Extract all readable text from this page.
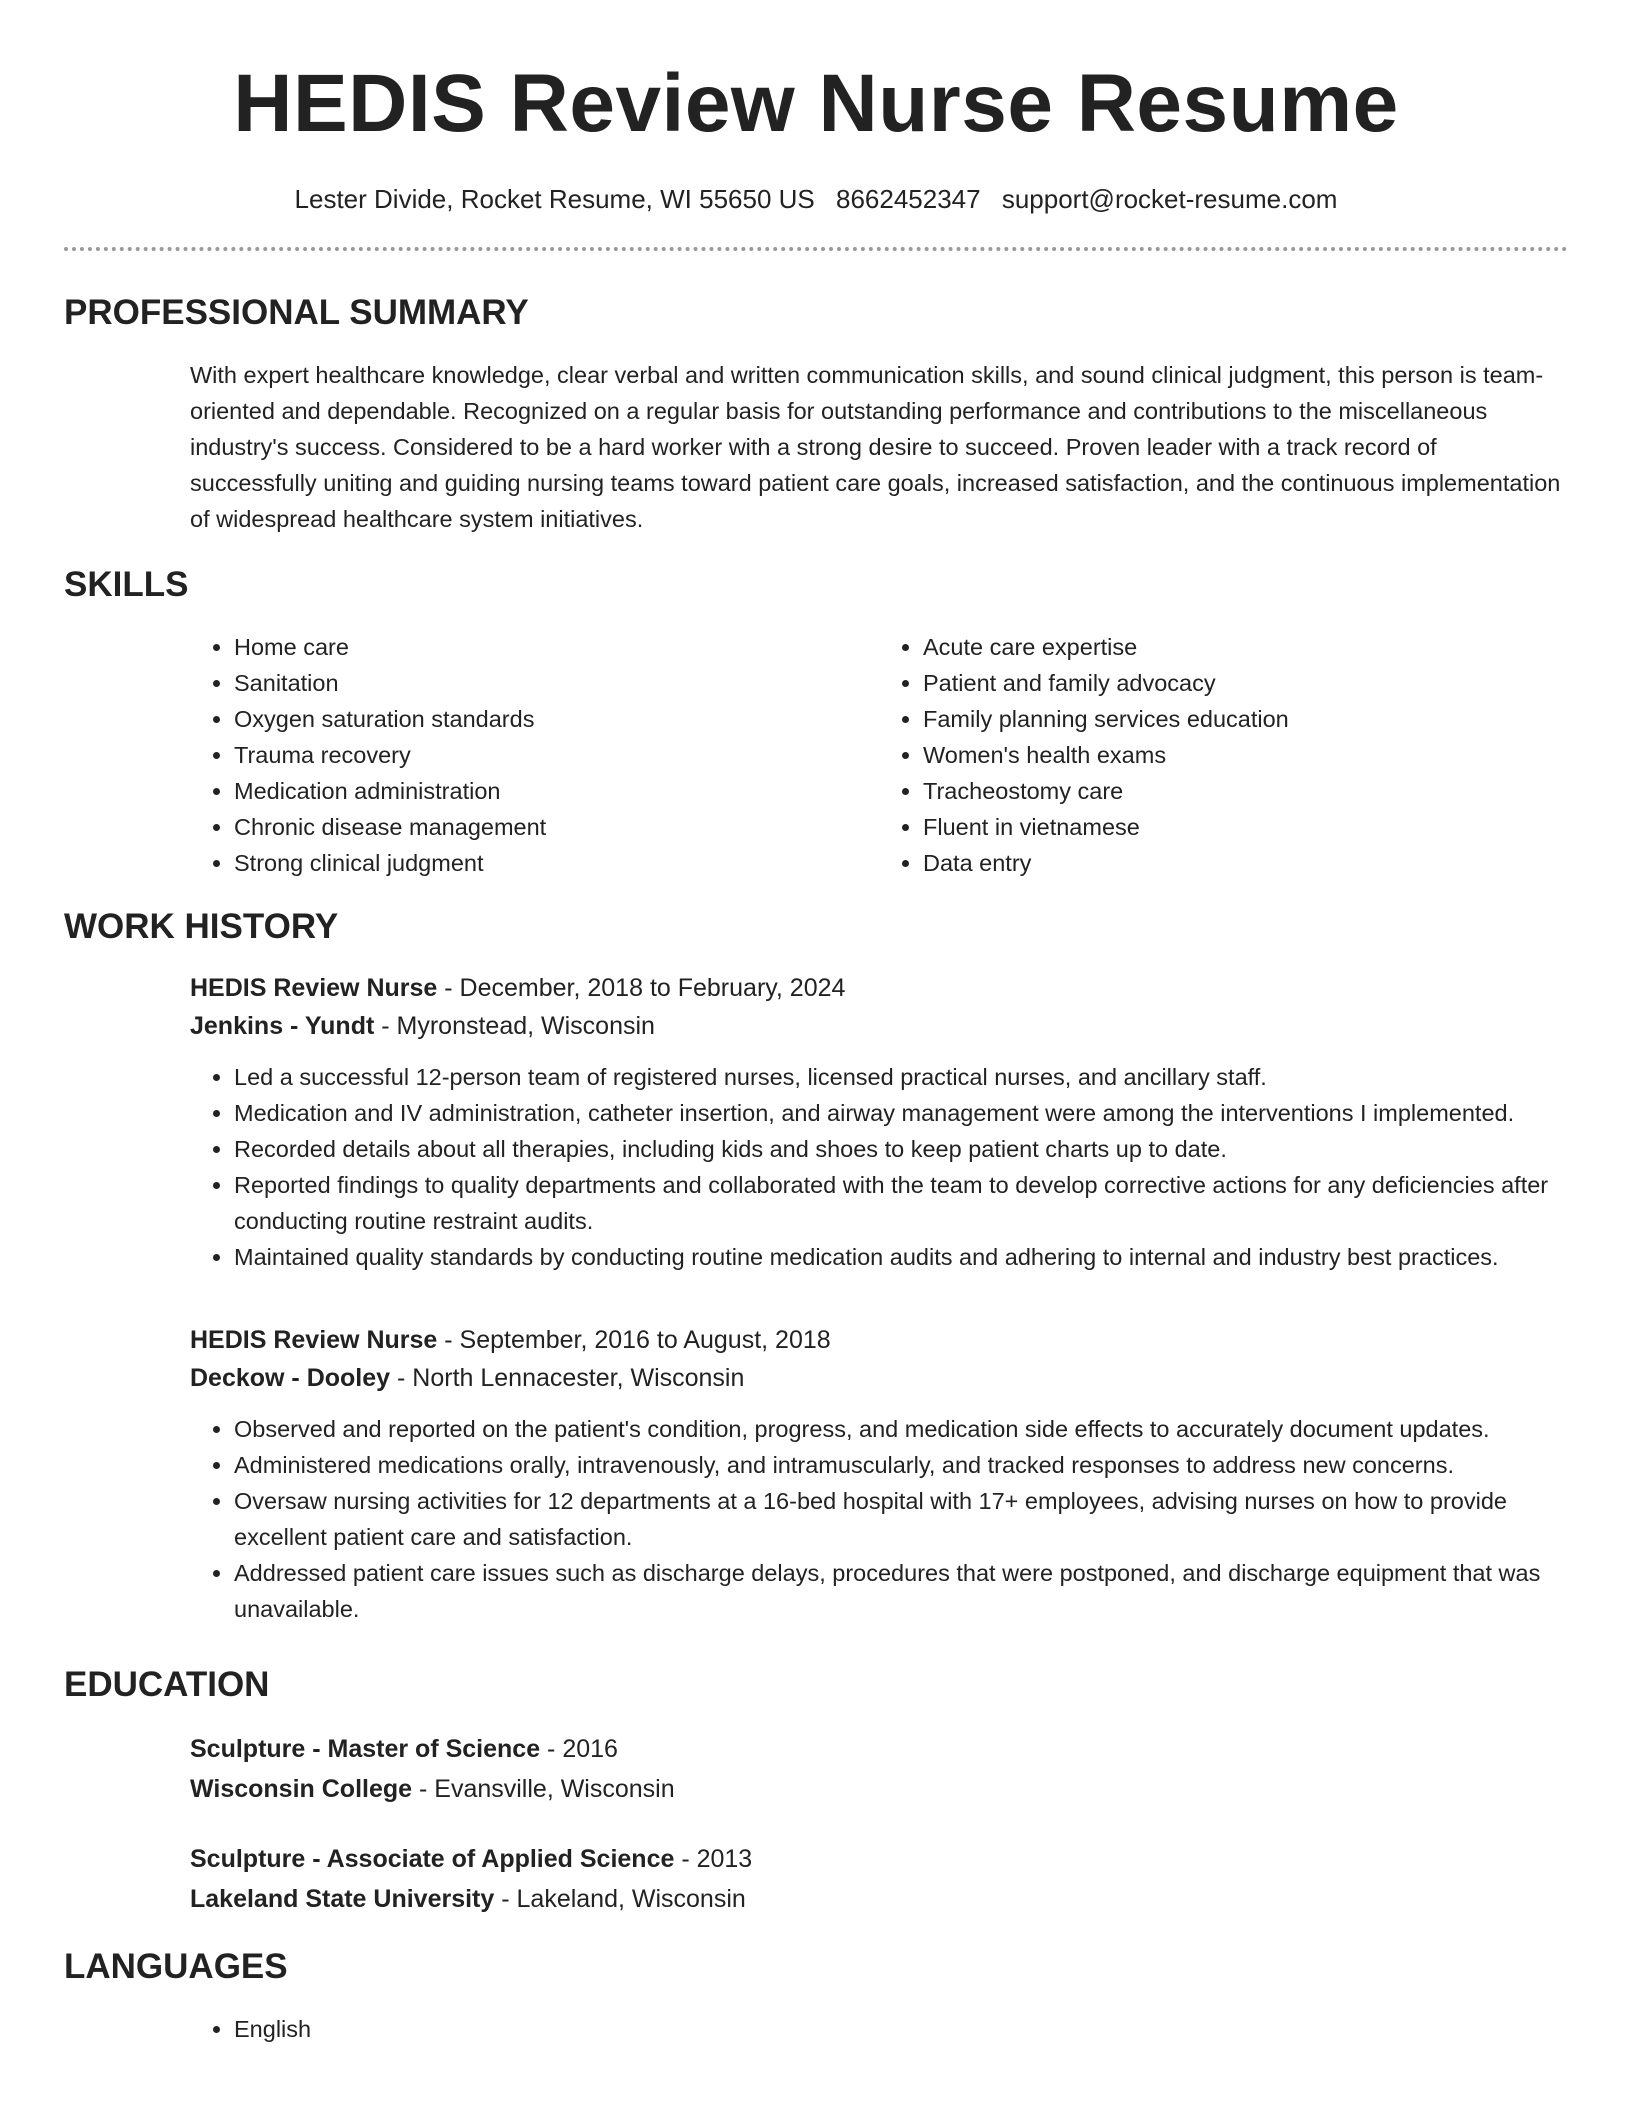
HEDIS Review Nurse Resume
Lester Divide, Rocket Resume, WI 55650 US 8662452347 support@rocket-resume.com
PROFESSIONAL SUMMARY
With expert healthcare knowledge, clear verbal and written communication skills, and sound clinical judgment, this person is team-oriented and dependable. Recognized on a regular basis for outstanding performance and contributions to the miscellaneous industry's success. Considered to be a hard worker with a strong desire to succeed. Proven leader with a track record of successfully uniting and guiding nursing teams toward patient care goals, increased satisfaction, and the continuous implementation of widespread healthcare system initiatives.
SKILLS
• Home care
• Sanitation
• Oxygen saturation standards
• Trauma recovery
• Medication administration
• Chronic disease management
• Strong clinical judgment
• Acute care expertise
• Patient and family advocacy
• Family planning services education
• Women's health exams
• Tracheostomy care
• Fluent in vietnamese
• Data entry
WORK HISTORY
HEDIS Review Nurse - December, 2018 to February, 2024
Jenkins - Yundt - Myronstead, Wisconsin
• Led a successful 12-person team of registered nurses, licensed practical nurses, and ancillary staff.
• Medication and IV administration, catheter insertion, and airway management were among the interventions I implemented.
• Recorded details about all therapies, including kids and shoes to keep patient charts up to date.
• Reported findings to quality departments and collaborated with the team to develop corrective actions for any deficiencies after conducting routine restraint audits.
• Maintained quality standards by conducting routine medication audits and adhering to internal and industry best practices.
HEDIS Review Nurse - September, 2016 to August, 2018
Deckow - Dooley - North Lennacester, Wisconsin
• Observed and reported on the patient's condition, progress, and medication side effects to accurately document updates.
• Administered medications orally, intravenously, and intramuscularly, and tracked responses to address new concerns.
• Oversaw nursing activities for 12 departments at a 16-bed hospital with 17+ employees, advising nurses on how to provide excellent patient care and satisfaction.
• Addressed patient care issues such as discharge delays, procedures that were postponed, and discharge equipment that was unavailable.
EDUCATION
Sculpture - Master of Science - 2016
Wisconsin College - Evansville, Wisconsin
Sculpture - Associate of Applied Science - 2013
Lakeland State University - Lakeland, Wisconsin
LANGUAGES
• English
